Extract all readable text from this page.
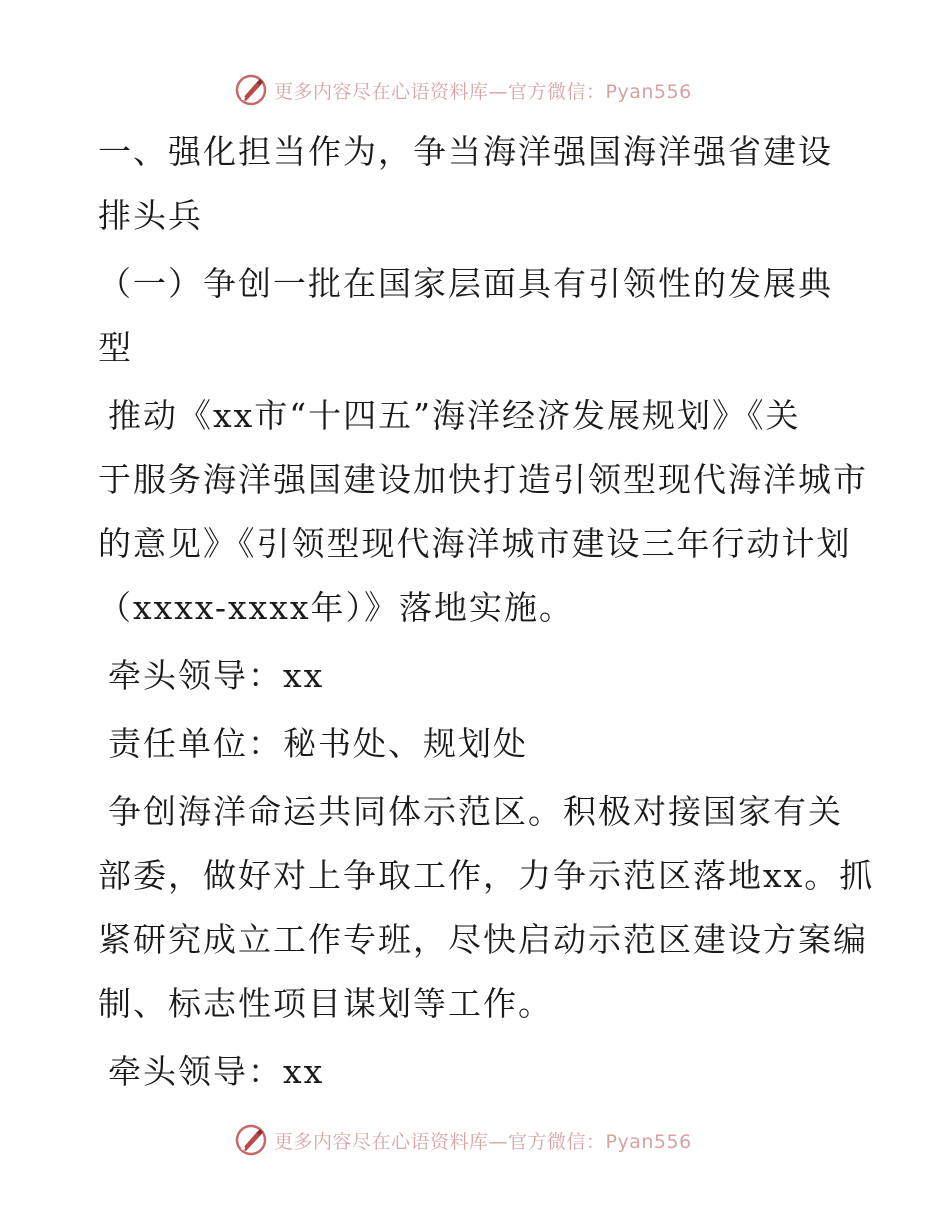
更多内容尽在心语资料库—官方微信：Pyan556
一、强化担当作为，争当海洋强国海洋强省建设
排头兵
（一）争创一批在国家层面具有引领性的发展典
型
推动《xx市“十四五”海洋经济发展规划》《关
于服务海洋强国建设加快打造引领型现代海洋城市
的意见》《引领型现代海洋城市建设三年行动计划
（xxxx-xxxx年）》落地实施。
牵头领导：xx
责任单位：秘书处、规划处
争创海洋命运共同体示范区。积极对接国家有关
部委，做好对上争取工作，力争示范区落地xx。抓
紧研究成立工作专班，尽快启动示范区建设方案编
制、标志性项目谋划等工作。
牵头领导：xx
更多内容尽在心语资料库—官方微信：Pyan556
